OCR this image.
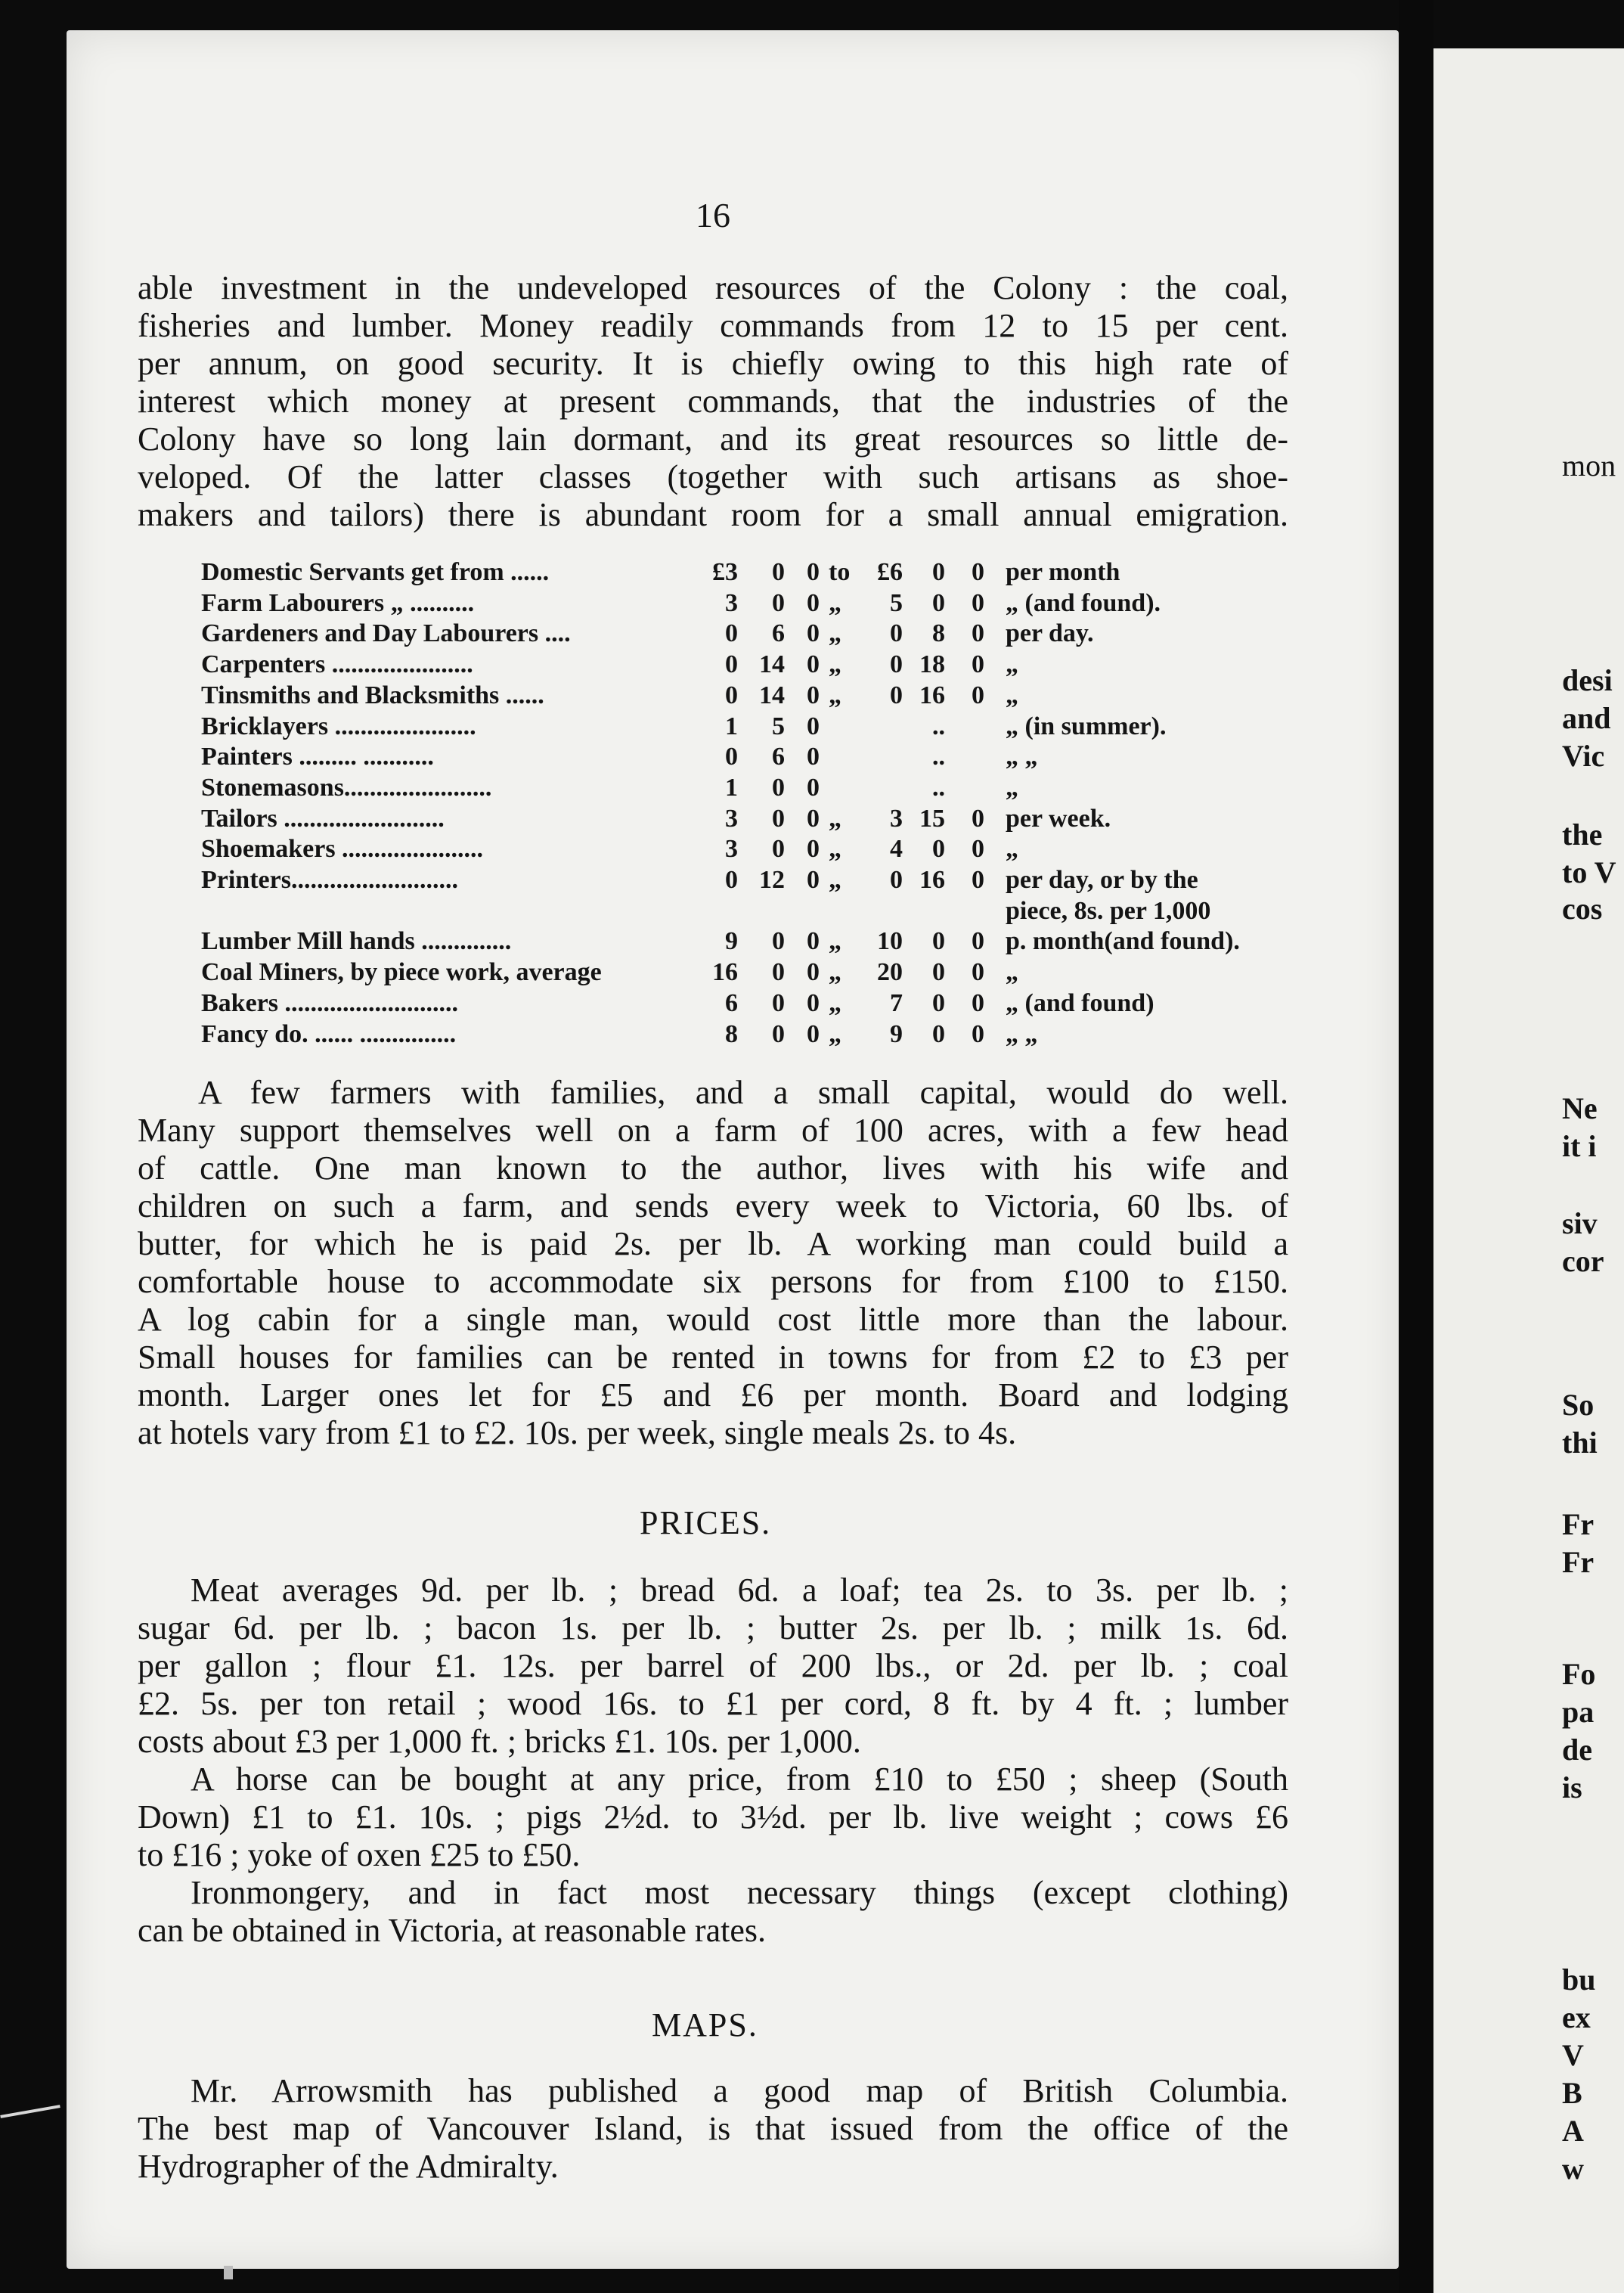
mon
desi
and
Vic
the
to V
cos
Ne
it i
siv
cor
So
thi
Fr
Fr
Fo
pa
de
is
bu
ex
V
B
A
w
16
able investment in the undeveloped resources of the Colony : the coal,
fisheries and lumber. Money readily commands from 12 to 15 per cent.
per annum, on good security. It is chiefly owing to this high rate of
interest which money at present commands, that the industries of the
Colony have so long lain dormant, and its great resources so little de-
veloped. Of the latter classes (together with such artisans as shoe-
makers and tailors) there is abundant room for a small annual emigration.
Domestic Servants get from ......	£3	0 0 to	£6	0	0 per month
Farm Labourers „ ..........	3	0 0 „	5	0	0 „ (and found).
Gardeners and Day Labourers ....	0	6 0 „	0	8	0 per day.
Carpenters ......................	0 14 0 „	0 18	0 „
Tinsmiths and Blacksmiths ......	0 14 0 „	0 16	0 „
Bricklayers ......................	1	5 0	.. „ (in summer).
Painters ......... ...........	0	6 0	.. „ „
Stonemasons.......................	1	0 0	.. „
Tailors .........................	3	0 0 „	3 15	0 per week.
Shoemakers ......................	3	0 0 „	4	0	0 „
Printers..........................	0 12 0 „	0 16	0 per day, or by the
piece, 8s. per 1,000
Lumber Mill hands ..............	9	0 0 „	10	0	0 p. month(and found).
Coal Miners, by piece work, average	16	0 0 „	20	0	0 „
Bakers ...........................	6	0 0 „	7	0	0 „ (and found)
Fancy do. ...... ...............	8	0 0 „	9	0	0 „ „
A few farmers with families, and a small capital, would do well.
Many support themselves well on a farm of 100 acres, with a few head
of cattle. One man known to the author, lives with his wife and
children on such a farm, and sends every week to Victoria, 60 lbs. of
butter, for which he is paid 2s. per lb. A working man could build a
comfortable house to accommodate six persons for from £100 to £150.
A log cabin for a single man, would cost little more than the labour.
Small houses for families can be rented in towns for from £2 to £3 per
month. Larger ones let for £5 and £6 per month. Board and lodging
at hotels vary from £1 to £2. 10s. per week, single meals 2s. to 4s.
PRICES.
Meat averages 9d. per lb. ; bread 6d. a loaf; tea 2s. to 3s. per lb. ;
sugar 6d. per lb. ; bacon 1s. per lb. ; butter 2s. per lb. ; milk 1s. 6d.
per gallon ; flour £1. 12s. per barrel of 200 lbs., or 2d. per lb. ; coal
£2. 5s. per ton retail ; wood 16s. to £1 per cord, 8 ft. by 4 ft. ; lumber
costs about £3 per 1,000 ft. ; bricks £1. 10s. per 1,000.
A horse can be bought at any price, from £10 to £50 ; sheep (South
Down) £1 to £1. 10s. ; pigs 2½d. to 3½d. per lb. live weight ; cows £6
to £16 ; yoke of oxen £25 to £50.
Ironmongery, and in fact most necessary things (except clothing)
can be obtained in Victoria, at reasonable rates.
MAPS.
Mr. Arrowsmith has published a good map of British Columbia.
The best map of Vancouver Island, is that issued from the office of the
Hydrographer of the Admiralty.
